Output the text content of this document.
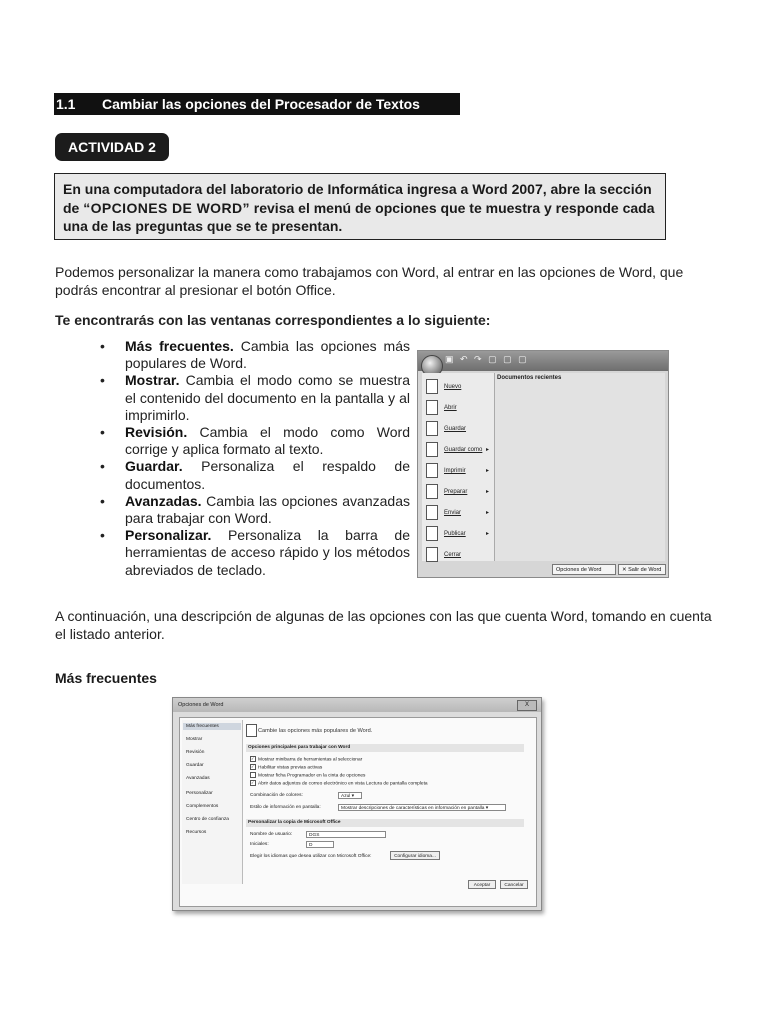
1.1 Cambiar las opciones del Procesador de Textos
ACTIVIDAD 2
En una computadora del laboratorio de Informática ingresa a Word 2007, abre la sección de “OPCIONES DE WORD” revisa el menú de opciones que te muestra y responde cada una de las preguntas que se te presentan.
Podemos personalizar la manera como trabajamos con Word, al entrar en las opciones de Word, que podrás encontrar al presionar el botón Office.
Te encontrarás con las ventanas correspondientes a lo siguiente:
• Más frecuentes. Cambia las opciones más populares de Word.
• Mostrar. Cambia el modo como se muestra el contenido del documento en la pantalla y al imprimirlo.
• Revisión. Cambia el modo como Word corrige y aplica formato al texto.
• Guardar. Personaliza el respaldo de documentos.
• Avanzadas. Cambia las opciones avanzadas para trabajar con Word.
• Personalizar. Personaliza la barra de herramientas de acceso rápido y los métodos abreviados de teclado.
▣ ↶ ↷ ▢ ▢ ▢
Nuevo
Abrir
Guardar
Guardar como ▸
Imprimir	▸
Preparar	▸
Enviar	▸
Publicar	▸
Cerrar
Documentos recientes
Opciones de Word	✕ Salir de Word
A continuación, una descripción de algunas de las opciones con las que cuenta Word, tomando en cuenta el listado anterior.
Más frecuentes
Opciones de Word	X
Más frecuentes
Mostrar
Revisión
Guardar
Avanzadas
Personalizar
Complementos
Centro de confianza
Recursos
Cambie las opciones más populares de Word.
Opciones principales para trabajar con Word
✓ Mostrar minibarra de herramientas al seleccionar
✓ Habilitar vistas previas activas
Mostrar ficha Programador en la cinta de opciones
✓ Abrir datos adjuntos de correo electrónico en vista Lectura de pantalla completa
Combinación de colores:	Azul ▾
Estilo de información en pantalla:	Mostrar descripciones de características en información en pantalla ▾
Personalizar la copia de Microsoft Office
Nombre de usuario:	DGS
Iniciales:	D
Elegir los idiomas que desea utilizar con Microsoft Office:	Configurar idioma...
Aceptar	Cancelar
